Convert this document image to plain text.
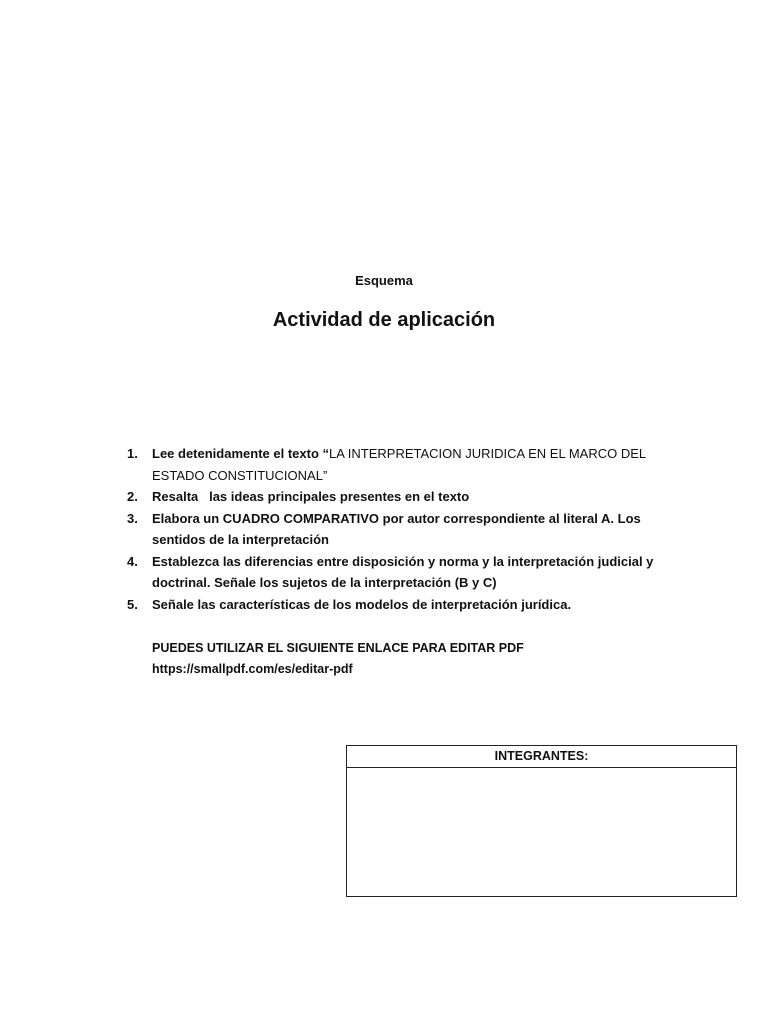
Esquema
Actividad de aplicación
1. Lee detenidamente el texto “LA INTERPRETACION JURIDICA EN EL MARCO DEL ESTADO CONSTITUCIONAL”
2. Resalta   las ideas principales presentes en el texto
3. Elabora un CUADRO COMPARATIVO por autor correspondiente al literal A. Los sentidos de la interpretación
4. Establezca las diferencias entre disposición y norma y la interpretación judicial y doctrinal. Señale los sujetos de la interpretación (B y C)
5. Señale las características de los modelos de interpretación jurídica.
PUEDES UTILIZAR EL SIGUIENTE ENLACE PARA EDITAR PDF
https://smallpdf.com/es/editar-pdf
INTEGRANTES:
